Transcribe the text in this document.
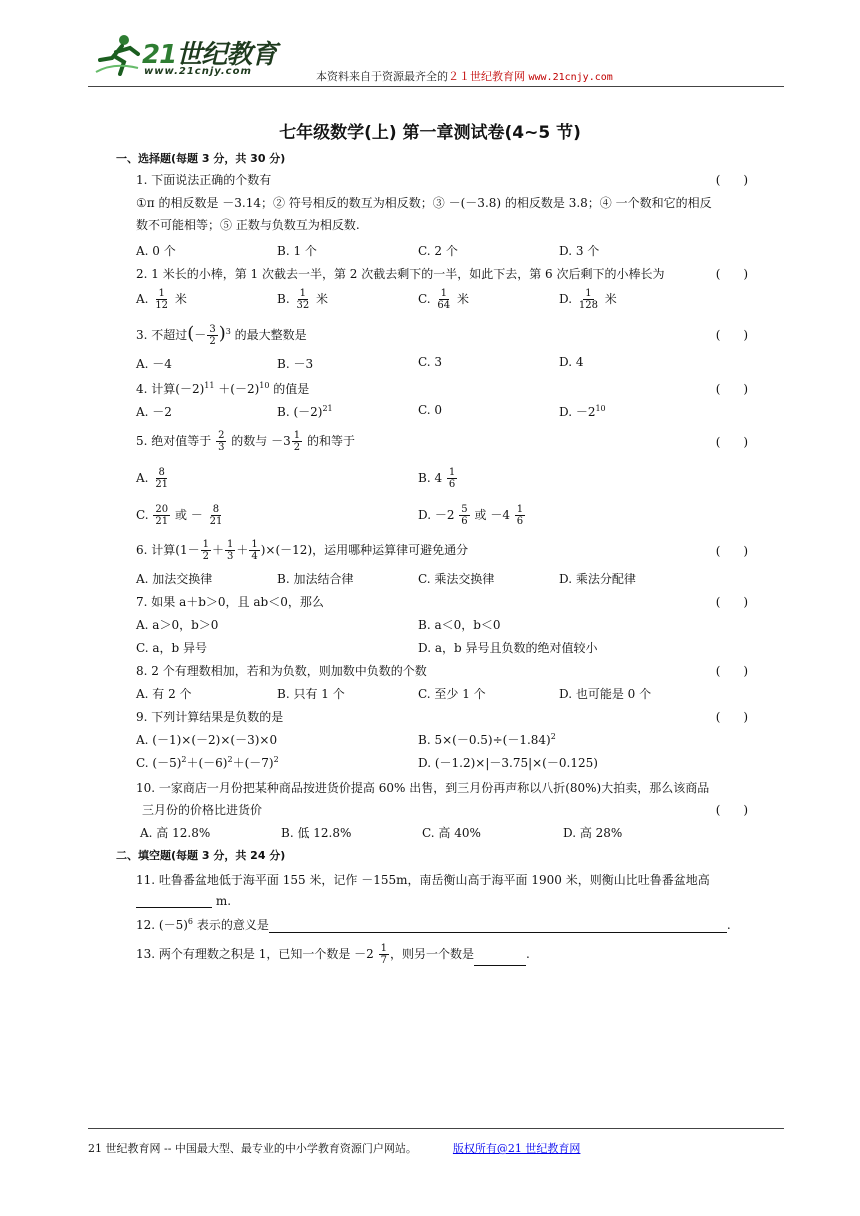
21世纪教育
www.21cnjy.com	本资料来自于资源最齐全的２１世纪教育网 www.21cnjy.com
七年级数学(上) 第一章测试卷(4~5 节)

一、选择题(每题 3 分，共 30 分)

1. 下面说法正确的个数有	(      )
①π 的相反数是 －3.14；② 符号相反的数互为相反数；③ －(－3.8) 的相反数是 3.8；④ 一个数和它的相反
数不可能相等；⑤ 正数与负数互为相反数.
A. 0 个	B. 1 个	C. 2 个	D. 3 个
2. 1 米长的小棒，第 1 次截去一半，第 2 次截去剩下的一半，如此下去，第 6 次后剩下的小棒长为	(      )
A. $\frac{1}{12}$ 米	B. $\frac{1}{32}$ 米	C. $\frac{1}{64}$ 米	D. $\frac{1}{128}$ 米
3. 不超过(－ $\frac{3}{2} )^3$ 的最大整数是	(      )
A. －4	B. －3	C. 3	D. 4
4. 计算$(-2)^{11} +(-2)^{10}$ 的值是	(      )
A. －2	B. $(-2)^{21}$	C. 0	D. $-2^{10}$
5. 绝对值等于 $\frac{2}{3}$ 的数与 $-3 \frac{1}{2}$ 的和等于	(      )
A. $\frac{8}{21}$	B. $4 \frac{1}{6}$
C. $\frac{20}{21}$ 或 － $\frac{8}{21}$	D. $-2 \frac{5}{6}$ 或 $-4 \frac{1}{6}$
6. 计算$(1- \frac{1}{2} + \frac{1}{3} + \frac{1}{4} )\times(-12)$，运用哪种运算律可避免通分	(      )
A. 加法交换律	B. 加法结合律	C. 乘法交换律	D. 乘法分配律
7. 如果 a＋b＞0，且 ab＜0，那么	(      )
A. a＞0，b＞0	B. a＜0，b＜0
C. a，b 异号	D. a，b 异号且负数的绝对值较小
8. 2 个有理数相加，若和为负数，则加数中负数的个数	(      )
A. 有 2 个	B. 只有 1 个	C. 至少 1 个	D. 也可能是 0 个
9. 下列计算结果是负数的是	(      )
A. (－1)×(－2)×(－3)×0	B. $5\times(-0.5)\div(-1.84)^2$
C. $(-5)^2+(-6)^2+(-7)^2$	D. (－1.2)×|－3.75|×(－0.125)
10. 一家商店一月份把某种商品按进货价提高 60% 出售，到三月份再声称以八折(80%)大拍卖，那么该商品
三月份的价格比进货价	(      )
A. 高 12.8%	B. 低 12.8%	C. 高 40%	D. 高 28%

二、填空题(每题 3 分，共 24 分)

11. 吐鲁番盆地低于海平面 155 米，记作 －155m，南岳衡山高于海平面 1900 米，则衡山比吐鲁番盆地高
m.
12. $(-5)^6$ 表示的意义是	.
13. 两个有理数之积是 1，已知一个数是 $-2 \frac{1}{7}$ ，则另一个数是	.
21 世纪教育网 -- 中国最大型、最专业的中小学教育资源门户网站。	版权所有@21 世纪教育网
